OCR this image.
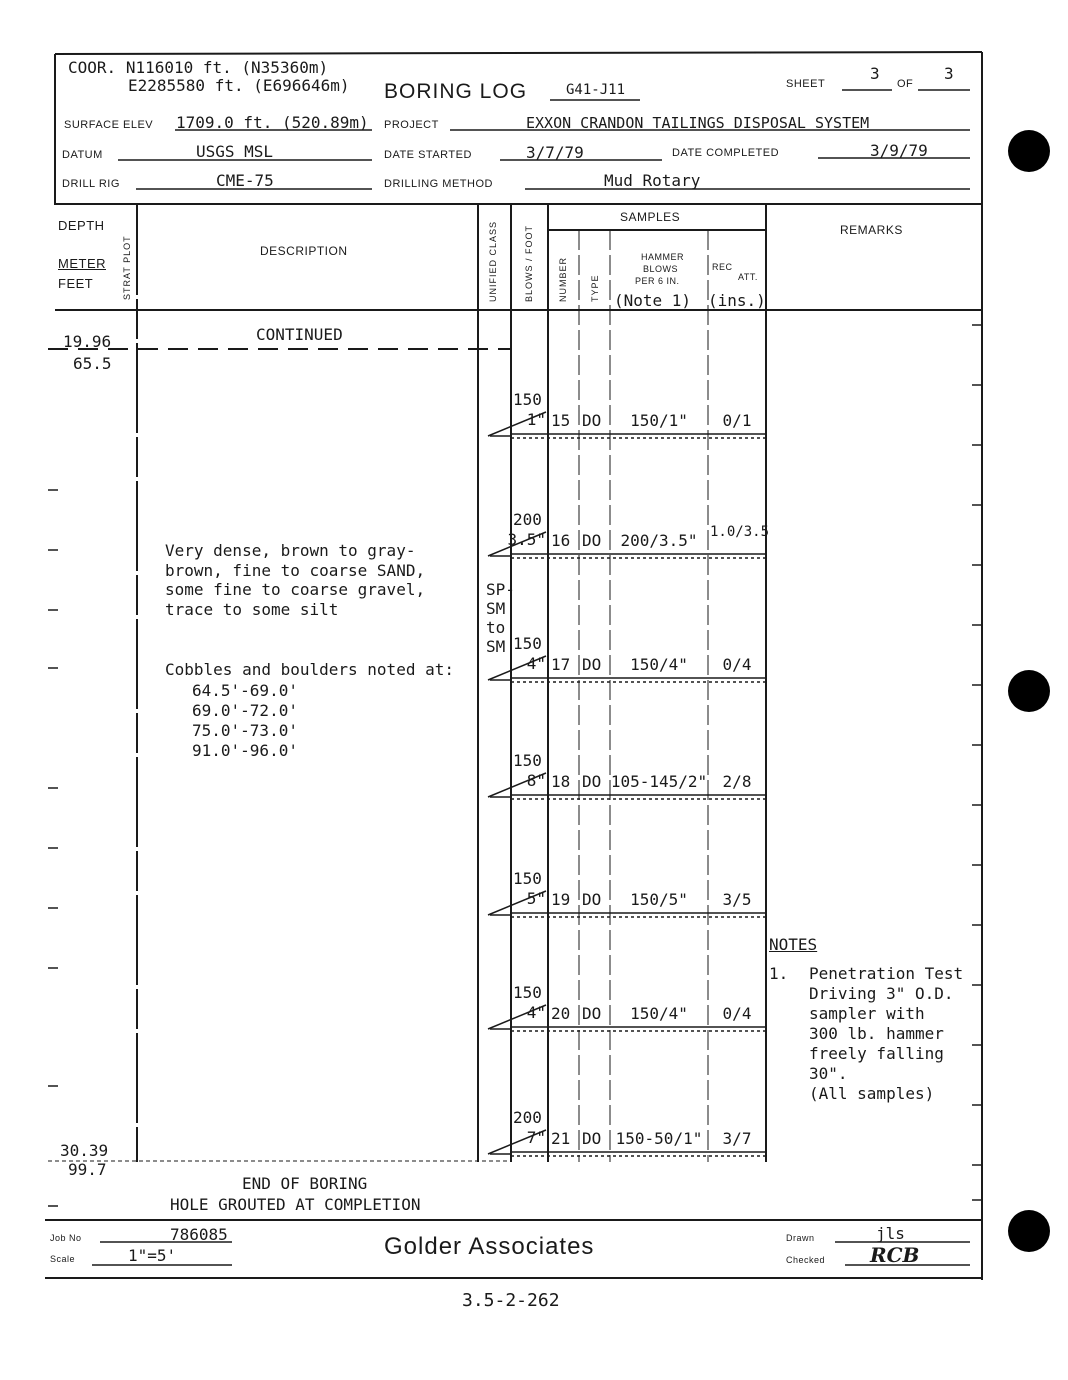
COOR. N116010 ft. (N35360m)
E2285580 ft. (E696646m) BORING LOG	G41-J11	SHEET
3
OF
3
SURFACE ELEV 1709.0 ft. (520.89m) PROJECT	EXXON CRANDON TAILINGS DISPOSAL SYSTEM
DATUM	USGS MSL	DATE STARTED	3/7/79	DATE COMPLETED	3/9/79
DRILL RIG	CME-75	DRILLING METHOD	Mud Rotary
DEPTH
METER
FEET	STRAT PLOT	DESCRIPTION	UNIFIED CLASS	BLOWS / FOOT
SAMPLES
NUMBER TYPE
HAMMER
BLOWS
PER 6 IN.
(Note 1)
REC
ATT.
(ins.)
REMARKS
CONTINUED
19.96
65.5
Very dense, brown to gray-
brown, fine to coarse SAND,
some fine to coarse gravel,
trace to some silt
Cobbles and boulders noted at:
64.5'-69.0'
69.0'-72.0'
75.0'-73.0'
91.0'-96.0'
SP-
SM
to
SM
150
1" 15 DO	150/1"	0/1
200
3.5" 16 DO	200/3.5" 1.0/3.5
150
4" 17 DO	150/4"	0/4
150
8" 18 DO 105-145/2" 2/8
150
5" 19 DO	150/5"	3/5
150
4" 20 DO	150/4"	0/4
200
7" 21 DO 150-50/1"	3/7
30.39
99.7
END OF BORING
HOLE GROUTED AT COMPLETION
NOTES
1. Penetration Test
Driving 3" O.D.
sampler with
300 lb. hammer
freely falling
30".
(All samples)
Job No	786085
Scale	1"=5'	Golder Associates	Drawn	jls
Checked RCB
3.5-2-262
